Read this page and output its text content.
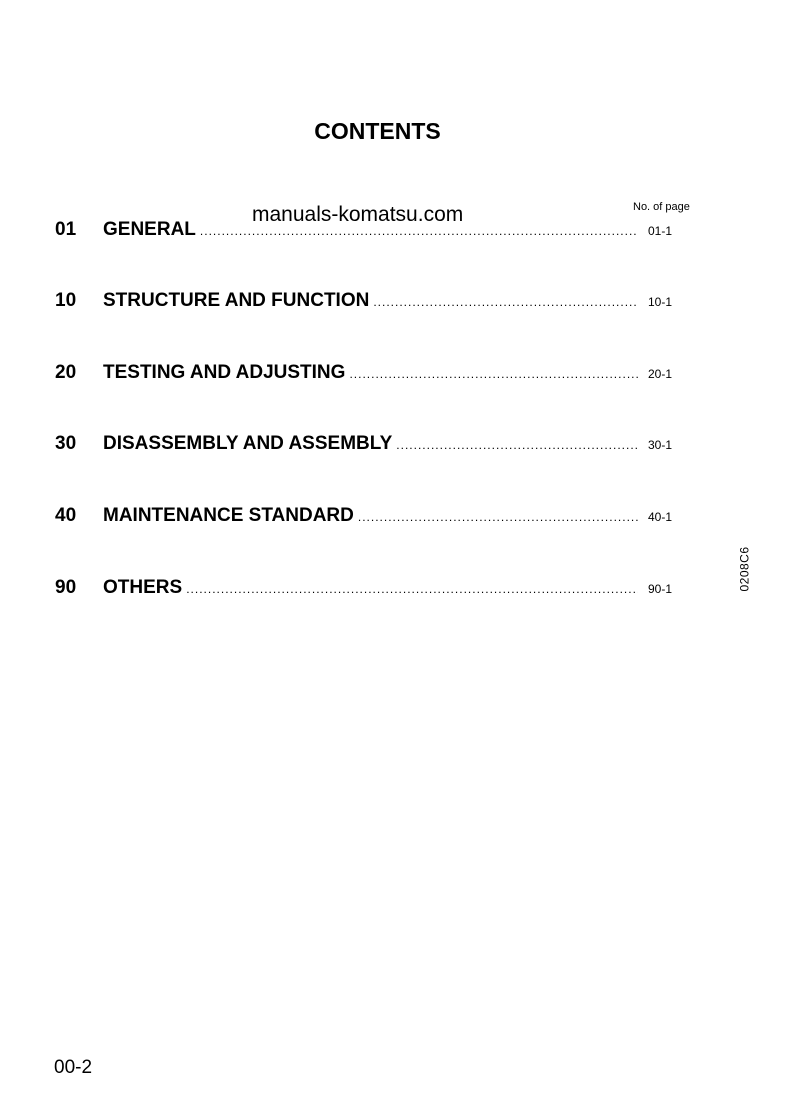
CONTENTS
manuals-komatsu.com	No. of page
01	GENERAL .....	01-1
10	STRUCTURE AND FUNCTION .....	10-1
20	TESTING AND ADJUSTING .....	20-1
30	DISASSEMBLY AND ASSEMBLY .....	30-1
40	MAINTENANCE STANDARD .....	40-1
90	OTHERS .....	90-1	0208C6
00-2
